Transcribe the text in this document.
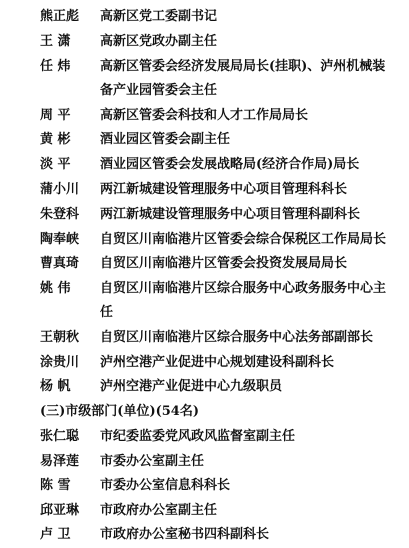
熊正彪	高新区党工委副书记
王 潇	高新区党政办副主任
任 炜	高新区管委会经济发展局局长(挂职)、泸州机械装备产业园管委会主任
周 平	高新区管委会科技和人才工作局局长
黄 彬	酒业园区管委会副主任
淡 平	酒业园区管委会发展战略局(经济合作局)局长
蒲小川	两江新城建设管理服务中心项目管理科科长
朱登科	两江新城建设管理服务中心项目管理科副科长
陶奉峡	自贸区川南临港片区管委会综合保税区工作局局长
曹真琦	自贸区川南临港片区管委会投资发展局局长
姚 伟	自贸区川南临港片区综合服务中心政务服务中心主任
王朝秋	自贸区川南临港片区综合服务中心法务部副部长
涂贵川	泸州空港产业促进中心规划建设科副科长
杨 帆	泸州空港产业促进中心九级职员
(三)市级部门(单位)(54名)
张仁聪	市纪委监委党风政风监督室副主任
易泽莲	市委办公室副主任
陈 雪	市委办公室信息科科长
邱亚琳	市政府办公室副主任
卢 卫	市政府办公室秘书四科副科长
